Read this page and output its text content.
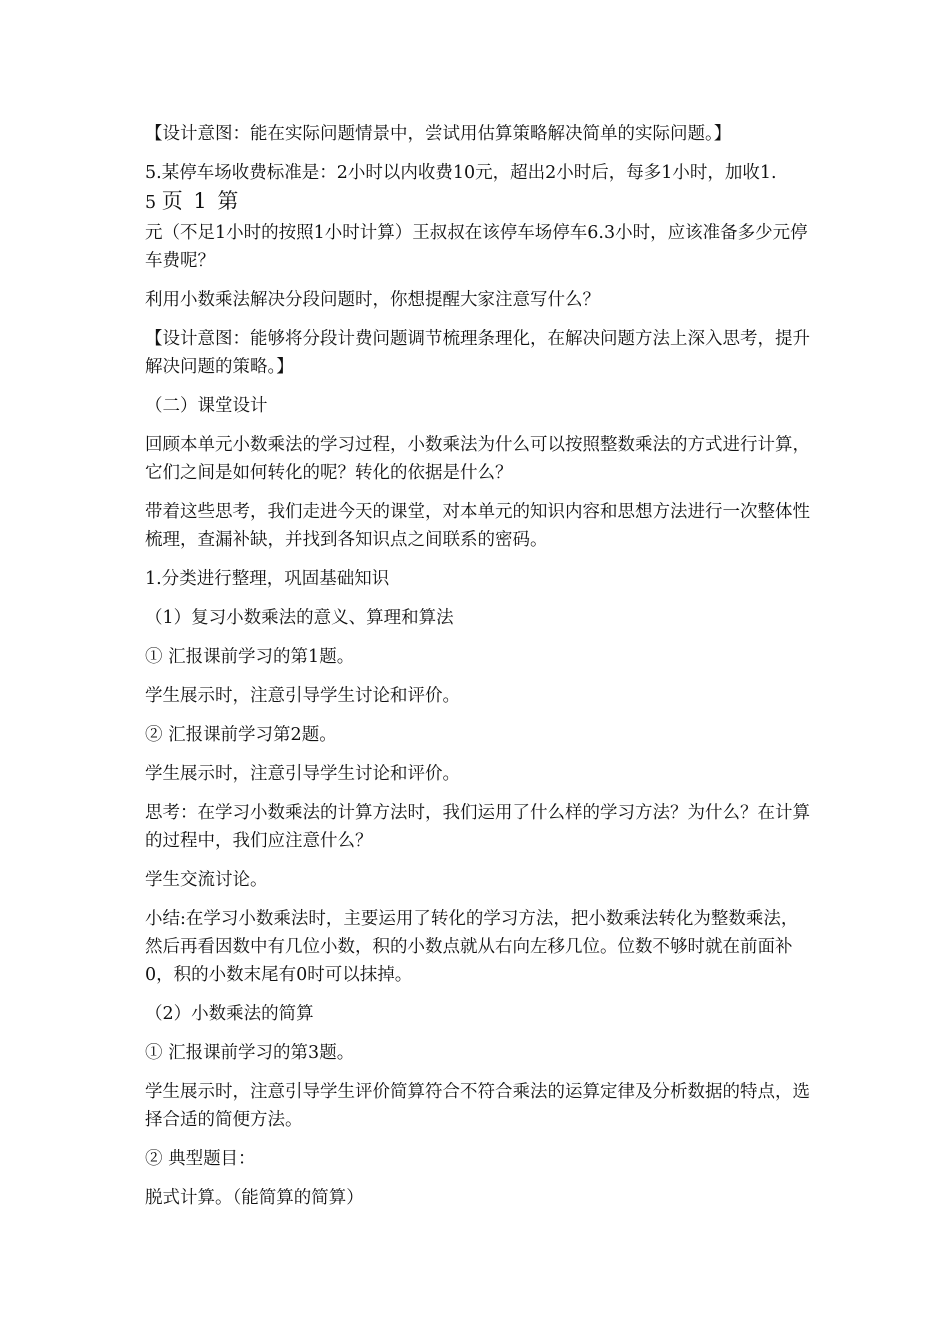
【设计意图：能在实际问题情景中，尝试用估算策略解决简单的实际问题。】

5.某停车场收费标准是：2小时以内收费10元，超出2小时后，每多1小时，加收1.5 页 1 第

元（不足1小时的按照1小时计算）王叔叔在该停车场停车6.3小时，应该准备多少元停车费呢？

利用小数乘法解决分段问题时，你想提醒大家注意写什么？

【设计意图：能够将分段计费问题调节梳理条理化，在解决问题方法上深入思考，提升解决问题的策略。】

（二）课堂设计

回顾本单元小数乘法的学习过程，小数乘法为什么可以按照整数乘法的方式进行计算，它们之间是如何转化的呢？转化的依据是什么？

带着这些思考，我们走进今天的课堂，对本单元的知识内容和思想方法进行一次整体性梳理，查漏补缺，并找到各知识点之间联系的密码。

1.分类进行整理，巩固基础知识

（1）复习小数乘法的意义、算理和算法

① 汇报课前学习的第1题。

学生展示时，注意引导学生讨论和评价。

② 汇报课前学习第2题。

学生展示时，注意引导学生讨论和评价。

思考：在学习小数乘法的计算方法时，我们运用了什么样的学习方法？为什么？在计算的过程中，我们应注意什么？

学生交流讨论。

小结:在学习小数乘法时，主要运用了转化的学习方法，把小数乘法转化为整数乘法，然后再看因数中有几位小数，积的小数点就从右向左移几位。位数不够时就在前面补0，积的小数末尾有0时可以抹掉。

（2）小数乘法的简算

① 汇报课前学习的第3题。

学生展示时，注意引导学生评价简算符合不符合乘法的运算定律及分析数据的特点，选择合适的简便方法。

② 典型题目：

脱式计算。（能简算的简算）
